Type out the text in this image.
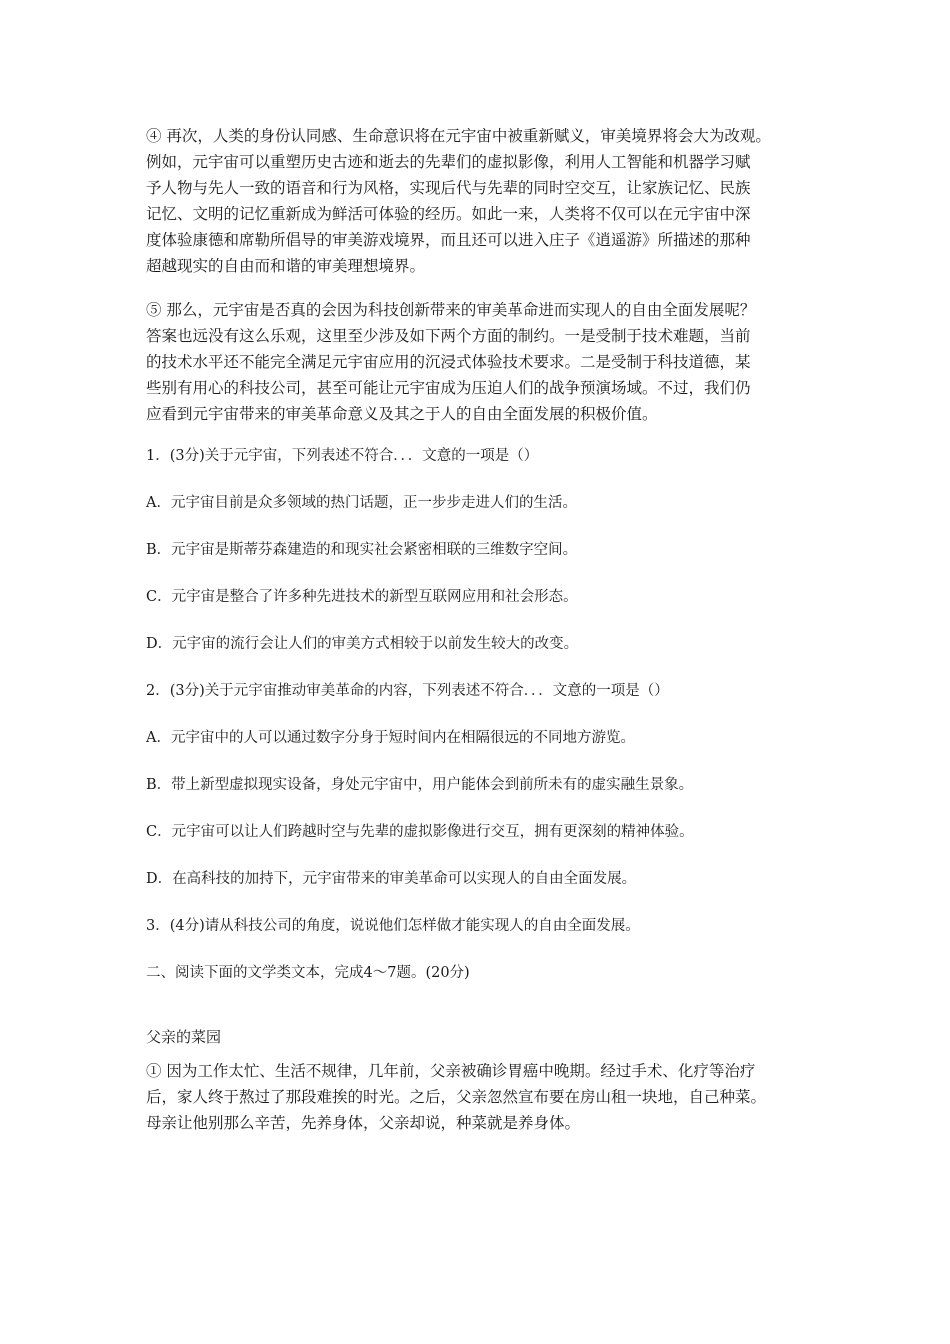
④ 再次，人类的身份认同感、生命意识将在元宇宙中被重新赋义，审美境界将会大为改观。
例如，元宇宙可以重塑历史古迹和逝去的先辈们的虚拟影像，利用人工智能和机器学习赋
予人物与先人一致的语音和行为风格，实现后代与先辈的同时空交互，让家族记忆、民族
记忆、文明的记忆重新成为鲜活可体验的经历。如此一来，人类将不仅可以在元宇宙中深
度体验康德和席勒所倡导的审美游戏境界，而且还可以进入庄子《逍遥游》所描述的那种
超越现实的自由而和谐的审美理想境界。

⑤ 那么，元宇宙是否真的会因为科技创新带来的审美革命进而实现人的自由全面发展呢？
答案也远没有这么乐观，这里至少涉及如下两个方面的制约。一是受制于技术难题，当前
的技术水平还不能完全满足元宇宙应用的沉浸式体验技术要求。二是受制于科技道德，某
些别有用心的科技公司，甚至可能让元宇宙成为压迫人们的战争预演场域。不过，我们仍
应看到元宇宙带来的审美革命意义及其之于人的自由全面发展的积极价值。

1．(3分)关于元宇宙，下列表述不符合．．．文意的一项是（）

A．元宇宙目前是众多领域的热门话题，正一步步走进人们的生活。

B．元宇宙是斯蒂芬森建造的和现实社会紧密相联的三维数字空间。

C．元宇宙是整合了许多种先进技术的新型互联网应用和社会形态。

D．元宇宙的流行会让人们的审美方式相较于以前发生较大的改变。

2．(3分)关于元宇宙推动审美革命的内容，下列表述不符合．．．文意的一项是（）

A．元宇宙中的人可以通过数字分身于短时间内在相隔很远的不同地方游览。

B．带上新型虚拟现实设备，身处元宇宙中，用户能体会到前所未有的虚实融生景象。

C．元宇宙可以让人们跨越时空与先辈的虚拟影像进行交互，拥有更深刻的精神体验。

D．在高科技的加持下，元宇宙带来的审美革命可以实现人的自由全面发展。

3．(4分)请从科技公司的角度，说说他们怎样做才能实现人的自由全面发展。

二、阅读下面的文学类文本，完成4～7题。(20分)

父亲的菜园

① 因为工作太忙、生活不规律，几年前，父亲被确诊胃癌中晚期。经过手术、化疗等治疗
后，家人终于熬过了那段难挨的时光。之后，父亲忽然宣布要在房山租一块地，自己种菜。
母亲让他别那么辛苦，先养身体，父亲却说，种菜就是养身体。
